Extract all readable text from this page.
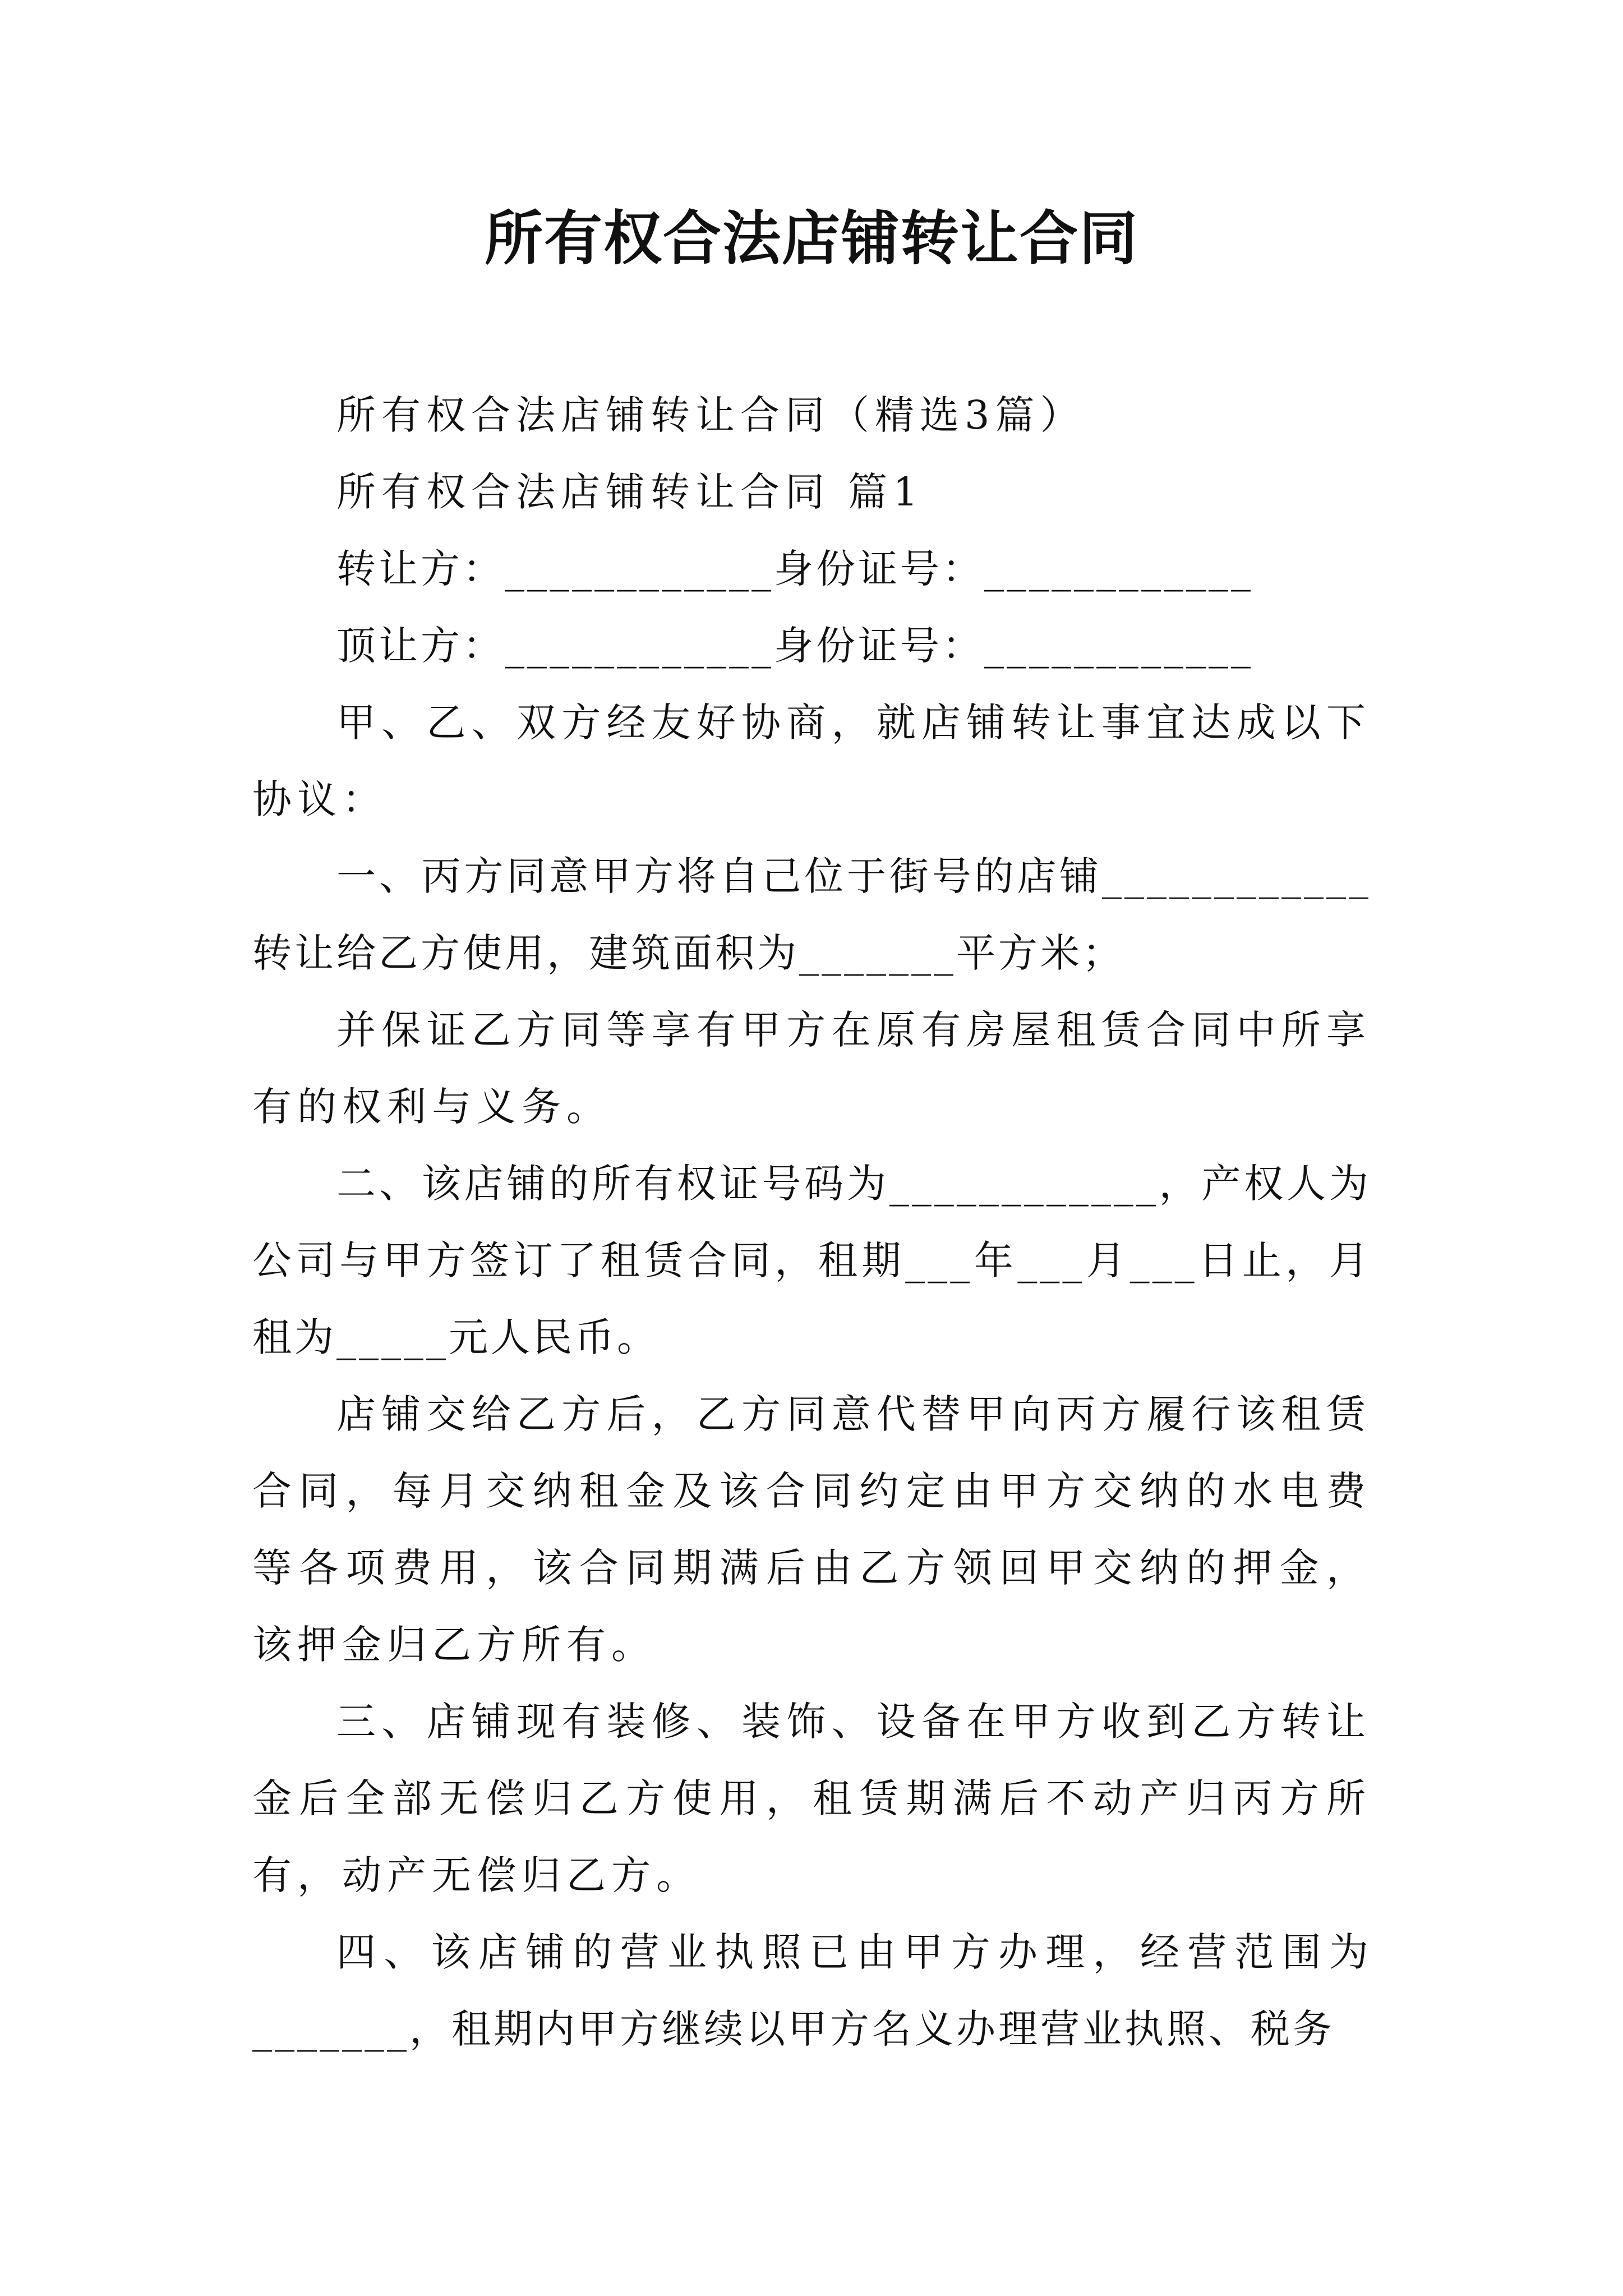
所有权合法店铺转让合同

所有权合法店铺转让合同（精选3篇）

所有权合法店铺转让合同 篇1

转让方：____________身份证号：____________

顶让方：____________身份证号：____________

甲、乙、双方经友好协商，就店铺转让事宜达成以下协议：

一、丙方同意甲方将自己位于街号的店铺____________转让给乙方使用，建筑面积为_______平方米；

并保证乙方同等享有甲方在原有房屋租赁合同中所享有的权利与义务。

二、该店铺的所有权证号码为____________，产权人为公司与甲方签订了租赁合同，租期___年___月___日止，月租为_____元人民币。

店铺交给乙方后，乙方同意代替甲向丙方履行该租赁合同，每月交纳租金及该合同约定由甲方交纳的水电费等各项费用，该合同期满后由乙方领回甲交纳的押金，该押金归乙方所有。

三、店铺现有装修、装饰、设备在甲方收到乙方转让金后全部无偿归乙方使用，租赁期满后不动产归丙方所有，动产无偿归乙方。

四、该店铺的营业执照已由甲方办理，经营范围为_______，租期内甲方继续以甲方名义办理营业执照、税务
